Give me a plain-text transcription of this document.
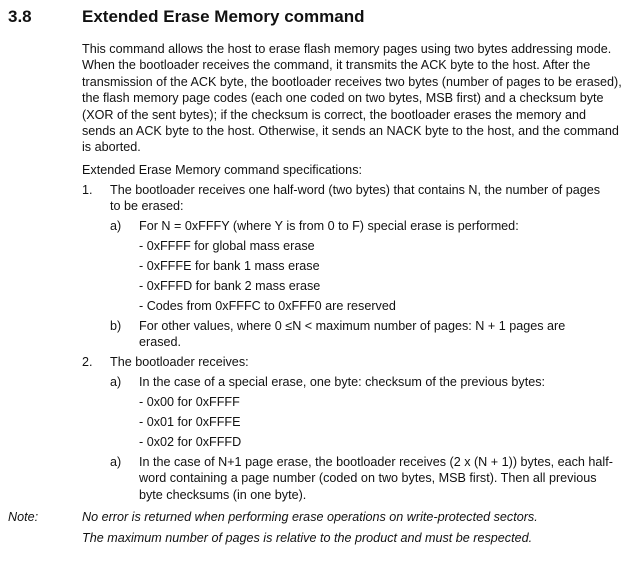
3.8	Extended Erase Memory command
This command allows the host to erase flash memory pages using two bytes addressing mode. When the bootloader receives the command, it transmits the ACK byte to the host. After the transmission of the ACK byte, the bootloader receives two bytes (number of pages to be erased), the flash memory page codes (each one coded on two bytes, MSB first) and a checksum byte (XOR of the sent bytes); if the checksum is correct, the bootloader erases the memory and sends an ACK byte to the host. Otherwise, it sends an NACK byte to the host, and the command is aborted.
Extended Erase Memory command specifications:
1. The bootloader receives one half-word (two bytes) that contains N, the number of pages to be erased:
a) For N = 0xFFFY (where Y is from 0 to F) special erase is performed:
- 0xFFFF for global mass erase
- 0xFFFE for bank 1 mass erase
- 0xFFFD for bank 2 mass erase
- Codes from 0xFFFC to 0xFFF0 are reserved
b) For other values, where 0 ≤N < maximum number of pages: N + 1 pages are erased.
2. The bootloader receives:
a) In the case of a special erase, one byte: checksum of the previous bytes:
- 0x00 for 0xFFFF
- 0x01 for 0xFFFE
- 0x02 for 0xFFFD
a) In the case of N+1 page erase, the bootloader receives (2 x (N + 1)) bytes, each half-word containing a page number (coded on two bytes, MSB first). Then all previous byte checksums (in one byte).
Note:	No error is returned when performing erase operations on write-protected sectors.
The maximum number of pages is relative to the product and must be respected.
